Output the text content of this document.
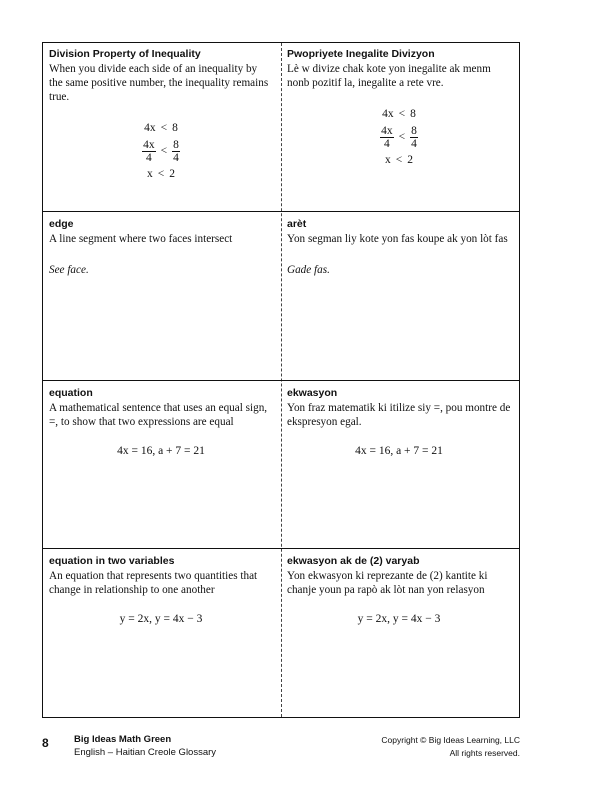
Division Property of Inequality
When you divide each side of an inequality by the same positive number, the inequality remains true.
4x < 8
$\frac{4x}{4} < \frac{8}{4}$
x < 2
Pwopriyete Inegalite Divizyon
Lè w divize chak kote yon inegalite ak menm nonb pozitif la, inegalite a rete vre.
4x < 8
$\frac{4x}{4} < \frac{8}{4}$
x < 2
edge
A line segment where two faces intersect
See face.
arèt
Yon segman liy kote yon fas koupe ak yon lòt fas
Gade fas.
equation
A mathematical sentence that uses an equal sign, =, to show that two expressions are equal
4x = 16, a + 7 = 21
ekwasyon
Yon fraz matematik ki itilize siy =, pou montre de ekspresyon egal.
4x = 16, a + 7 = 21
equation in two variables
An equation that represents two quantities that change in relationship to one another
y = 2x, y = 4x − 3
ekwasyon ak de (2) varyab
Yon ekwasyon ki reprezante de (2) kantite ki chanje youn pa rapò ak lòt nan yon relasyon
y = 2x, y = 4x − 3
8	Big Ideas Math Green
English – Haitian Creole Glossary
Copyright © Big Ideas Learning, LLC
All rights reserved.
